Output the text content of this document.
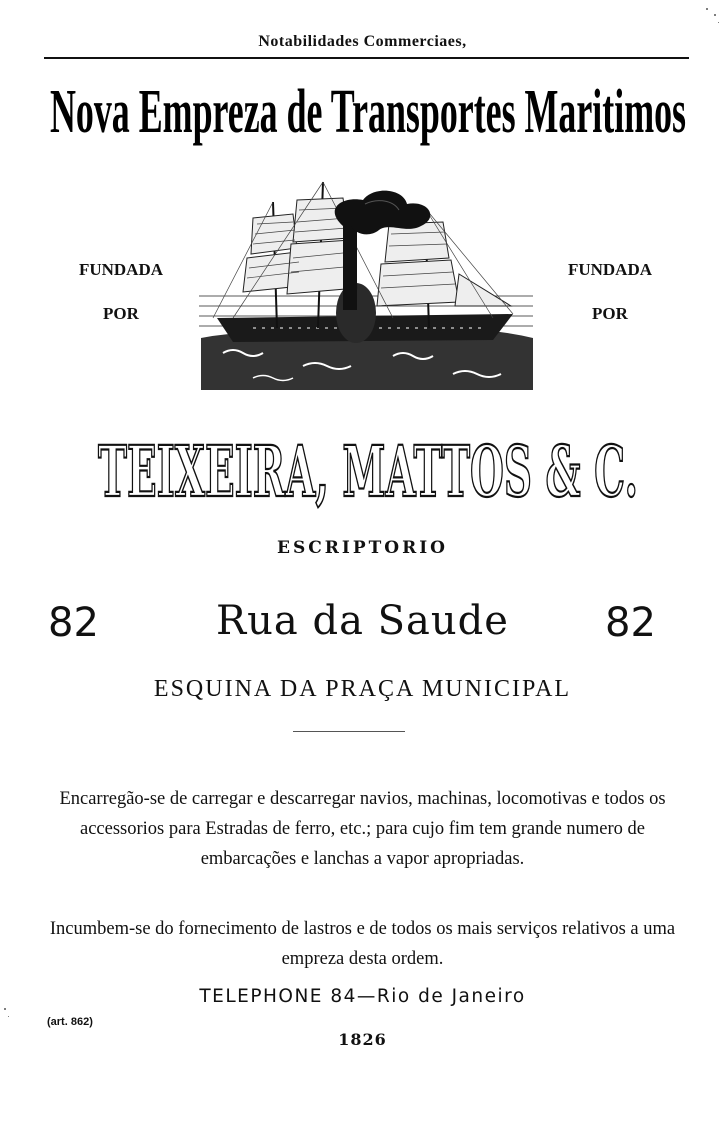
Notabilidades Commerciaes,
Nova Empreza de Transportes Maritimos
FUNDADA
POR
FUNDADA
POR
TEIXEIRA, MATTOS & C.
ESCRIPTORIO
82	Rua da Saude	82
ESQUINA DA PRAÇA MUNICIPAL
Encarregão-se de carregar e descarregar navios, machinas, locomotivas e todos os accessorios para Estradas de ferro, etc.; para cujo fim tem grande numero de embarcações e lanchas a vapor apropriadas.
Incumbem-se do fornecimento de lastros e de todos os mais serviços relativos a uma empreza desta ordem.
TELEPHONE 84—Rio de Janeiro
(art. 862)
1826
